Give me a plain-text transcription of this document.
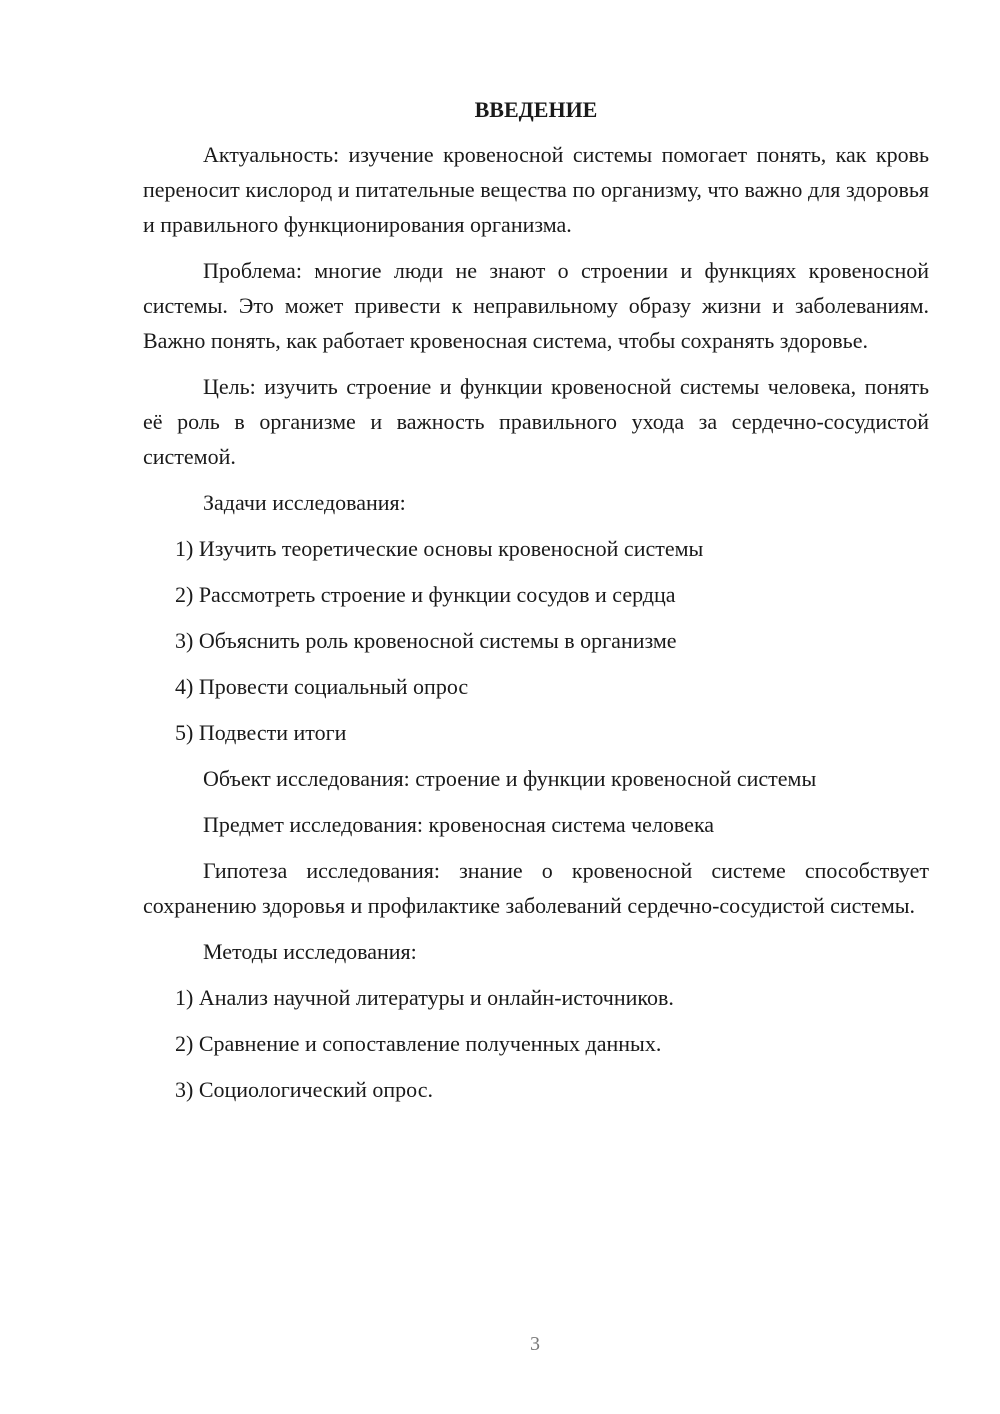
ВВЕДЕНИЕ

Актуальность: изучение кровеносной системы помогает понять, как кровь переносит кислород и питательные вещества по организму, что важно для здоровья и правильного функционирования организма.

Проблема: многие люди не знают о строении и функциях кровеносной системы. Это может привести к неправильному образу жизни и заболеваниям. Важно понять, как работает кровеносная система, чтобы сохранять здоровье.

Цель: изучить строение и функции кровеносной системы человека, понять её роль в организме и важность правильного ухода за сердечно-сосудистой системой.

Задачи исследования:

1) Изучить теоретические основы кровеносной системы
2) Рассмотреть строение и функции сосудов и сердца
3) Объяснить роль кровеносной системы в организме
4) Провести социальный опрос
5) Подвести итоги

Объект исследования: строение и функции кровеносной системы

Предмет исследования: кровеносная система человека

Гипотеза исследования: знание о кровеносной системе способствует сохранению здоровья и профилактике заболеваний сердечно-сосудистой системы.

Методы исследования:

1) Анализ научной литературы и онлайн-источников.
2) Сравнение и сопоставление полученных данных.
3) Социологический опрос.
3
